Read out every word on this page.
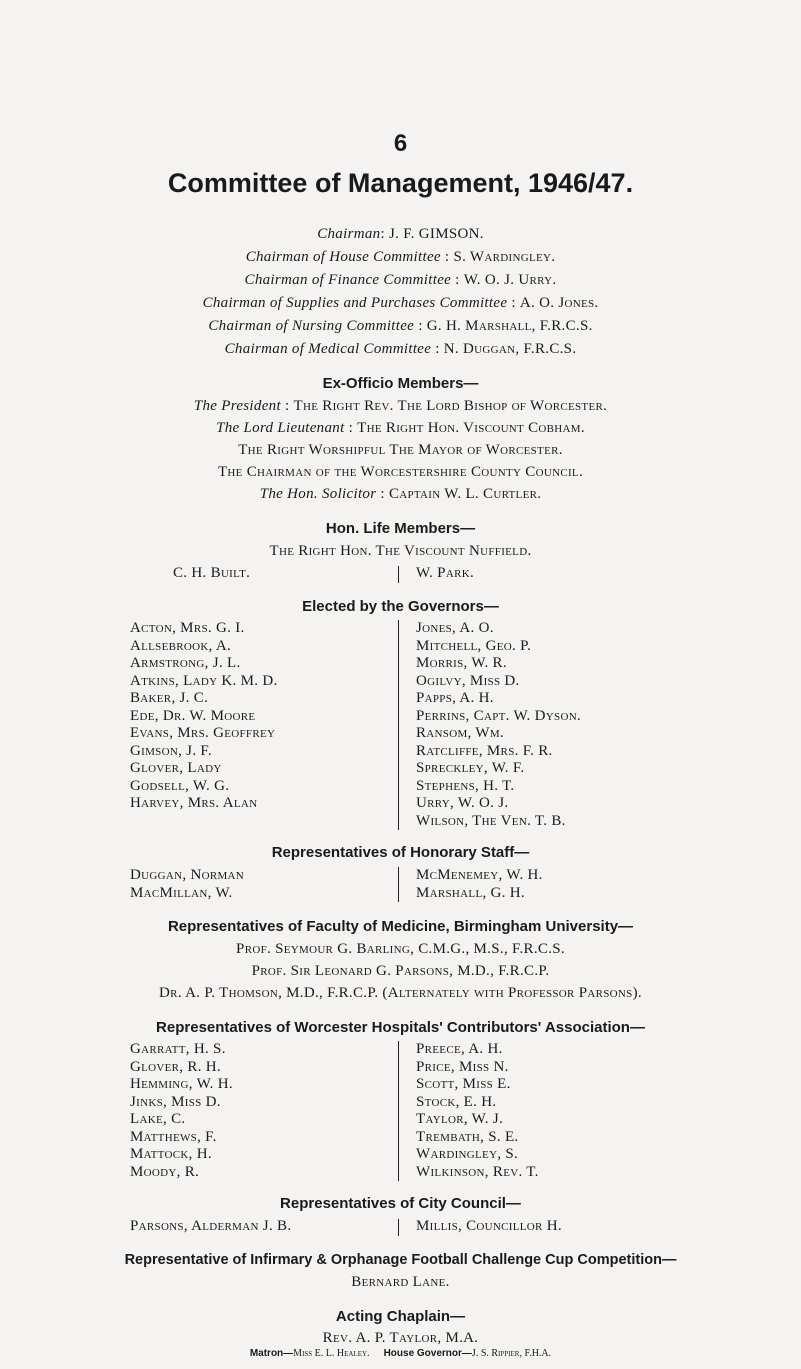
6
Committee of Management, 1946/47.
Chairman: J. F. GIMSON.
Chairman of House Committee : S. Wardingley.
Chairman of Finance Committee : W. O. J. Urry.
Chairman of Supplies and Purchases Committee : A. O. Jones.
Chairman of Nursing Committee : G. H. Marshall, F.R.C.S.
Chairman of Medical Committee : N. Duggan, F.R.C.S.
Ex-Officio Members—
The President : The Right Rev. The Lord Bishop of Worcester.
The Lord Lieutenant : The Right Hon. Viscount Cobham.
The Right Worshipful The Mayor of Worcester.
The Chairman of the Worcestershire County Council.
The Hon. Solicitor : Captain W. L. Curtler.
Hon. Life Members—
The Right Hon. The Viscount Nuffield.
C. H. Built.	W. Park.
Elected by the Governors—
Acton, Mrs. G. I.
Allsebrook, A.
Armstrong, J. L.
Atkins, Lady K. M. D.
Baker, J. C.
Ede, Dr. W. Moore
Evans, Mrs. Geoffrey
Gimson, J. F.
Glover, Lady
Godsell, W. G.
Harvey, Mrs. Alan
Jones, A. O.
Mitchell, Geo. P.
Morris, W. R.
Ogilvy, Miss D.
Papps, A. H.
Perrins, Capt. W. Dyson.
Ransom, Wm.
Ratcliffe, Mrs. F. R.
Spreckley, W. F.
Stephens, H. T.
Urry, W. O. J.
Wilson, The Ven. T. B.
Representatives of Honorary Staff—
Duggan, Norman
MacMillan, W.
McMenemey, W. H.
Marshall, G. H.
Representatives of Faculty of Medicine, Birmingham University—
Prof. Seymour G. Barling, C.M.G., M.S., F.R.C.S.
Prof. Sir Leonard G. Parsons, M.D., F.R.C.P.
Dr. A. P. Thomson, M.D., F.R.C.P. (Alternately with Professor Parsons).
Representatives of Worcester Hospitals' Contributors' Association—
Garratt, H. S.
Glover, R. H.
Hemming, W. H.
Jinks, Miss D.
Lake, C.
Matthews, F.
Mattock, H.
Moody, R.
Preece, A. H.
Price, Miss N.
Scott, Miss E.
Stock, E. H.
Taylor, W. J.
Trembath, S. E.
Wardingley, S.
Wilkinson, Rev. T.
Representatives of City Council—
Parsons, Alderman J. B.	Millis, Councillor H.
Representative of Infirmary & Orphanage Football Challenge Cup Competition—
Bernard Lane.
Acting Chaplain—
Rev. A. P. Taylor, M.A.
Matron— Miss E. L. Healey. House Governor— J. S. Rippier, F.H.A.
